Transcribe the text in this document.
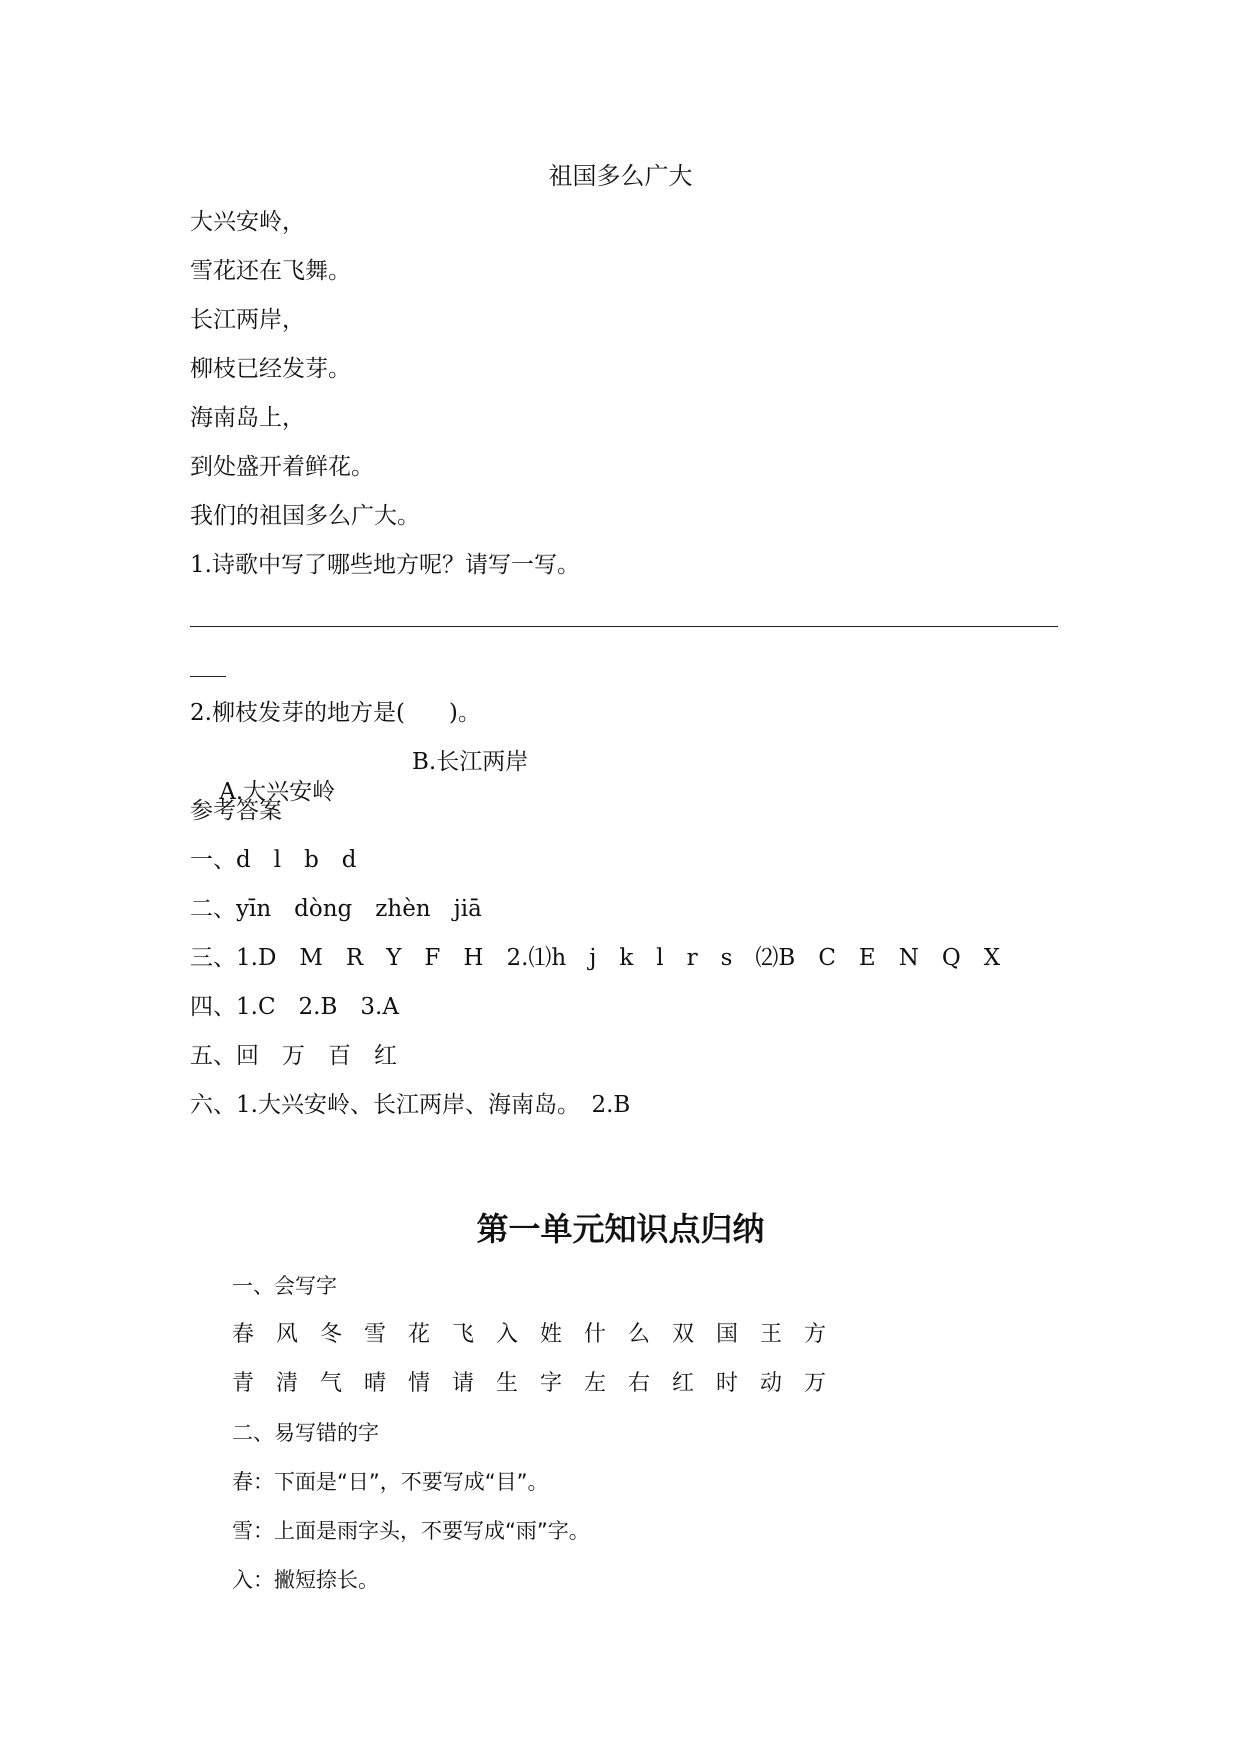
祖国多么广大
大兴安岭，
雪花还在飞舞。
长江两岸，
柳枝已经发芽。
海南岛上，
到处盛开着鲜花。
我们的祖国多么广大。
1.诗歌中写了哪些地方呢？请写一写。
2.柳枝发芽的地方是( )。

A.大兴安岭

B.长江两岸
参考答案
一、d　l　b　d
二、yīn　dòng　zhèn　jiā
三、1.D　M　R　Y　F　H　2.⑴h　j　k　l　r　s　⑵B　C　E　N　Q　X
四、1.C　2.B　3.A
五、回　万　百　红
六、1.大兴安岭、长江两岸、海南岛。　2.B
第一单元知识点归纳
一、会写字
春 风 冬 雪 花 飞 入 姓 什 么 双 国 王 方
青 清 气 晴 情 请 生 字 左 右 红 时 动 万
二、易写错的字
春：下面是“日”，不要写成“目”。
雪：上面是雨字头，不要写成“雨”字。
入：撇短捺长。
